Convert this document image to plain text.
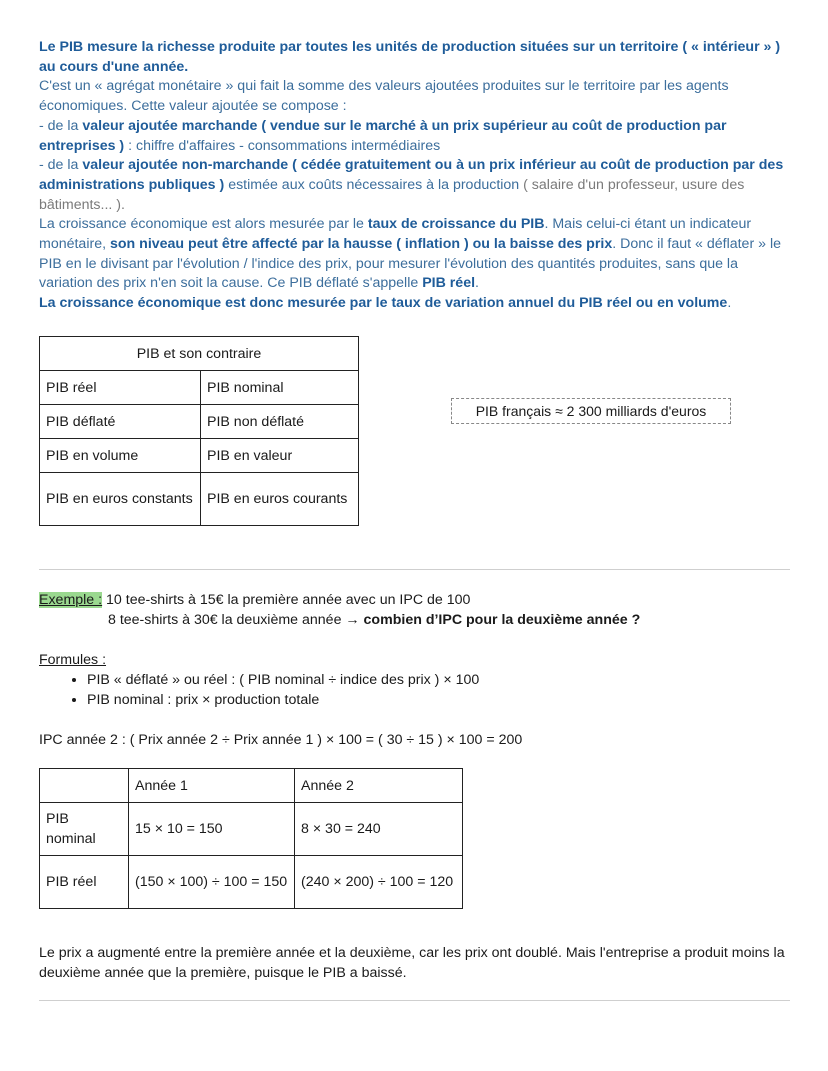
Le PIB mesure la richesse produite par toutes les unités de production situées sur un territoire ( « intérieur » ) au cours d'une année.

C'est un « agrégat monétaire » qui fait la somme des valeurs ajoutées produites sur le territoire par les agents économiques. Cette valeur ajoutée se compose :

- de la valeur ajoutée marchande ( vendue sur le marché à un prix supérieur au coût de production par entreprises ) : chiffre d'affaires - consommations intermédiaires

- de la valeur ajoutée non-marchande ( cédée gratuitement ou à un prix inférieur au coût de production par des administrations publiques ) estimée aux coûts nécessaires à la production ( salaire d'un professeur, usure des bâtiments... ).

La croissance économique est alors mesurée par le taux de croissance du PIB. Mais celui-ci étant un indicateur monétaire, son niveau peut être affecté par la hausse ( inflation ) ou la baisse des prix. Donc il faut « déflater » le PIB en le divisant par l'évolution / l'indice des prix, pour mesurer l'évolution des quantités produites, sans que la variation des prix n'en soit la cause. Ce PIB déflaté s'appelle PIB réel.

La croissance économique est donc mesurée par le taux de variation annuel du PIB réel ou en volume.

PIB et son contraire	
PIB réel	PIB nominal
PIB déflaté	PIB non déflaté
PIB en volume	PIB en valeur
PIB en euros constants	PIB en euros courants
PIB français ≈ 2 300 milliards d'euros
Exemple : 10 tee-shirts à 15€ la première année avec un IPC de 100
8 tee-shirts à 30€ la deuxième année → combien d’IPC pour la deuxième année ?
Formules :
• PIB « déflaté » ou réel : ( PIB nominal ÷ indice des prix ) × 100
• PIB nominal : prix × production totale
IPC année 2 : ( Prix année 2 ÷ Prix année 1 ) × 100 = ( 30 ÷ 15 ) × 100 = 200
	Année 1	Année 2
PIB nominal	15 × 10 = 150	8 × 30 = 240
PIB réel	(150 × 100) ÷ 100 = 150	(240 × 200) ÷ 100 = 120
Le prix a augmenté entre la première année et la deuxième, car les prix ont doublé. Mais l'entreprise a produit moins la deuxième année que la première, puisque le PIB a baissé.
